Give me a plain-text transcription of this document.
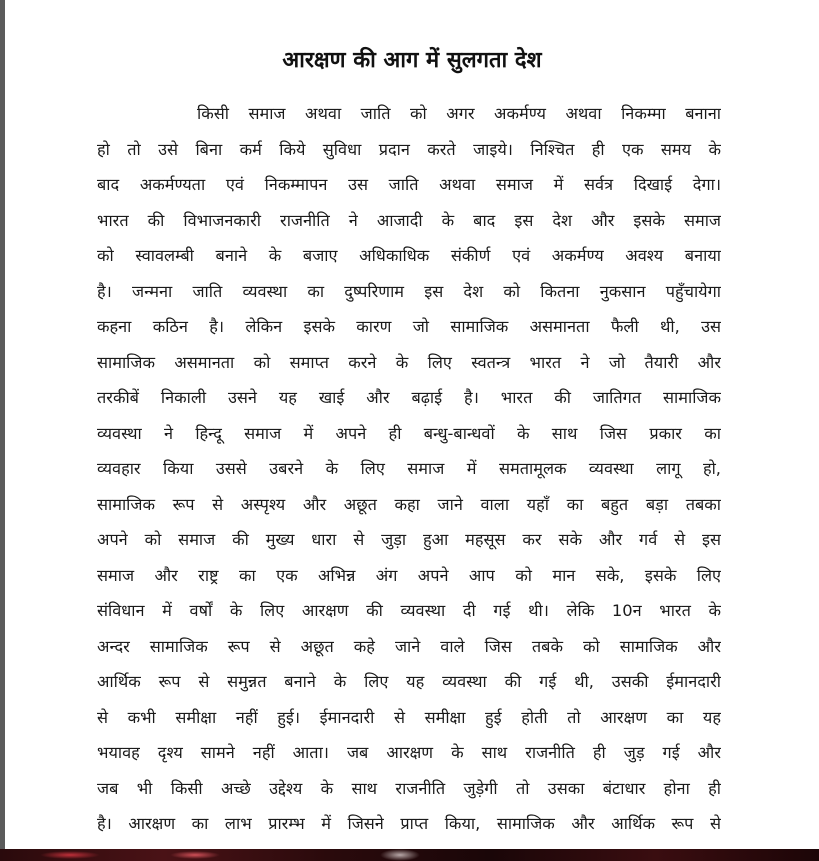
आरक्षण की आग में सुलगता देश
किसी समाज अथवा जाति को अगर अकर्मण्य अथवा निकम्मा बनाना
हो तो उसे बिना कर्म किये सुविधा प्रदान करते जाइये। निश्चित ही एक समय के
बाद अकर्मण्यता एवं निकम्मापन उस जाति अथवा समाज में सर्वत्र दिखाई देगा।
भारत की विभाजनकारी राजनीति ने आजादी के बाद इस देश और इसके समाज
को स्वावलम्बी बनाने के बजाए अधिकाधिक संकीर्ण एवं अकर्मण्य अवश्य बनाया
है। जन्मना जाति व्यवस्था का दुष्परिणाम इस देश को कितना नुकसान पहुँचायेगा
कहना कठिन है। लेकिन इसके कारण जो सामाजिक असमानता फैली थी, उस
सामाजिक असमानता को समाप्त करने के लिए स्वतन्त्र भारत ने जो तैयारी और
तरकीबें निकाली उसने यह खाई और बढ़ाई है। भारत की जातिगत सामाजिक
व्यवस्था ने हिन्दू समाज में अपने ही बन्धु-बान्धवों के साथ जिस प्रकार का
व्यवहार किया उससे उबरने के लिए समाज में समतामूलक व्यवस्था लागू हो,
सामाजिक रूप से अस्पृश्य और अछूत कहा जाने वाला यहाँ का बहुत बड़ा तबका
अपने को समाज की मुख्य धारा से जुड़ा हुआ महसूस कर सके और गर्व से इस
समाज और राष्ट्र का एक अभिन्न अंग अपने आप को मान सके, इसके लिए
संविधान में वर्षों के लिए आरक्षण की व्यवस्था दी गई थी। लेकि 10न भारत के
अन्दर सामाजिक रूप से अछूत कहे जाने वाले जिस तबके को सामाजिक और
आर्थिक रूप से समुन्नत बनाने के लिए यह व्यवस्था की गई थी, उसकी ईमानदारी
से कभी समीक्षा नहीं हुई। ईमानदारी से समीक्षा हुई होती तो आरक्षण का यह
भयावह दृश्य सामने नहीं आता। जब आरक्षण के साथ राजनीति ही जुड़ गई और
जब भी किसी अच्छे उद्देश्य के साथ राजनीति जुड़ेगी तो उसका बंटाधार होना ही
है। आरक्षण का लाभ प्रारम्भ में जिसने प्राप्त किया, सामाजिक और आर्थिक रूप से
